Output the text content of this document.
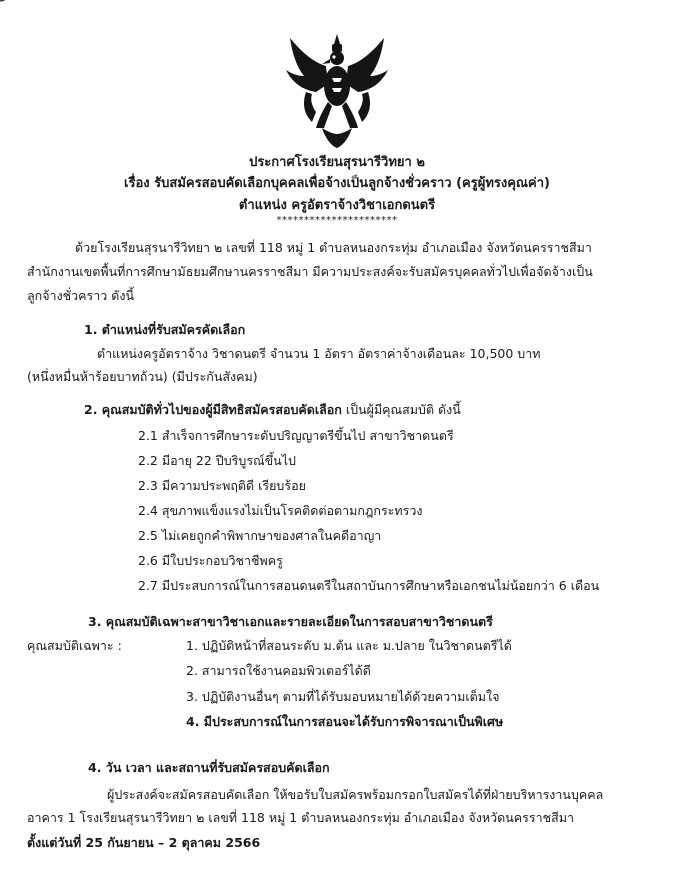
ประกาศโรงเรียนสุรนารีวิทยา ๒
เรื่อง รับสมัครสอบคัดเลือกบุคคลเพื่อจ้างเป็นลูกจ้างชั่วคราว (ครูผู้ทรงคุณค่า)
ตำแหน่ง ครูอัตราจ้างวิชาเอกดนตรี
**********************
ด้วยโรงเรียนสุรนารีวิทยา ๒ เลขที่ 118 หมู่ 1 ตำบลหนองกระทุ่ม อำเภอเมือง จังหวัดนครราชสีมา
สำนักงานเขตพื้นที่การศึกษามัธยมศึกษานครราชสีมา มีความประสงค์จะรับสมัครบุคคลทั่วไปเพื่อจัดจ้างเป็น
ลูกจ้างชั่วคราว ดังนี้
1. ตำแหน่งที่รับสมัครคัดเลือก
ตำแหน่งครูอัตราจ้าง วิชาดนตรี จำนวน 1 อัตรา อัตราค่าจ้างเดือนละ 10,500 บาท
(หนึ่งหมื่นห้าร้อยบาทถ้วน) (มีประกันสังคม)
2. คุณสมบัติทั่วไปของผู้มีสิทธิสมัครสอบคัดเลือก เป็นผู้มีคุณสมบัติ ดังนี้
2.1 สำเร็จการศึกษาระดับปริญญาตรีขึ้นไป สาขาวิชาดนตรี
2.2 มีอายุ 22 ปีบริบูรณ์ขึ้นไป
2.3 มีความประพฤติดี เรียบร้อย
2.4 สุขภาพแข็งแรงไม่เป็นโรคติดต่อตามกฎกระทรวง
2.5 ไม่เคยถูกคำพิพากษาของศาลในคดีอาญา
2.6 มีใบประกอบวิชาชีพครู
2.7 มีประสบการณ์ในการสอนดนตรีในสถาบันการศึกษาหรือเอกชนไม่น้อยกว่า 6 เดือน
3. คุณสมบัติเฉพาะสาขาวิชาเอกและรายละเอียดในการสอบสาขาวิชาดนตรี
คุณสมบัติเฉพาะ :	1. ปฏิบัติหน้าที่สอนระดับ ม.ต้น และ ม.ปลาย ในวิชาดนตรีได้
2. สามารถใช้งานคอมพิวเตอร์ได้ดี
3. ปฏิบัติงานอื่นๆ ตามที่ได้รับมอบหมายได้ด้วยความเต็มใจ
4. มีประสบการณ์ในการสอนจะได้รับการพิจารณาเป็นพิเศษ
4. วัน เวลา และสถานที่รับสมัครสอบคัดเลือก
ผู้ประสงค์จะสมัครสอบคัดเลือก ให้ขอรับใบสมัครพร้อมกรอกใบสมัครได้ที่ฝ่ายบริหารงานบุคคล
อาคาร 1 โรงเรียนสุรนารีวิทยา ๒ เลขที่ 118 หมู่ 1 ตำบลหนองกระทุ่ม อำเภอเมือง จังหวัดนครราชสีมา
ตั้งแต่วันที่ 25 กันยายน – 2 ตุลาคม 2566
